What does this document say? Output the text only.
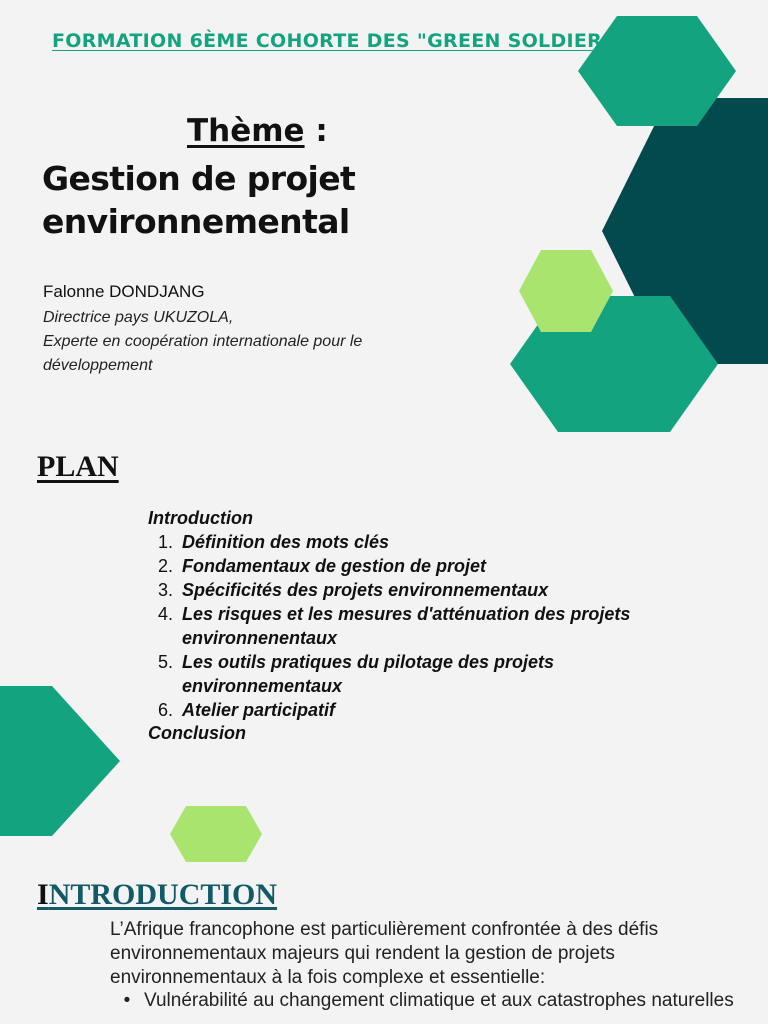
FORMATION 6ÈME COHORTE DES "GREEN SOLDIERS
Thème :
Gestion de projet environnemental
Falonne DONDJANG
Directrice pays UKUZOLA,
Experte en coopération internationale pour le développement
PLAN
Introduction
1. Définition des mots clés
2. Fondamentaux de gestion de projet
3. Spécificités des projets environnementaux
4. Les risques et les mesures d'atténuation des projets environnenentaux
5. Les outils pratiques du pilotage des projets environnementaux
6. Atelier participatif
Conclusion
INTRODUCTION
L’Afrique francophone est particulièrement confrontée à des défis environnementaux majeurs qui rendent la gestion de projets environnementaux à la fois complexe et essentielle:
• Vulnérabilité au changement climatique et aux catastrophes naturelles
